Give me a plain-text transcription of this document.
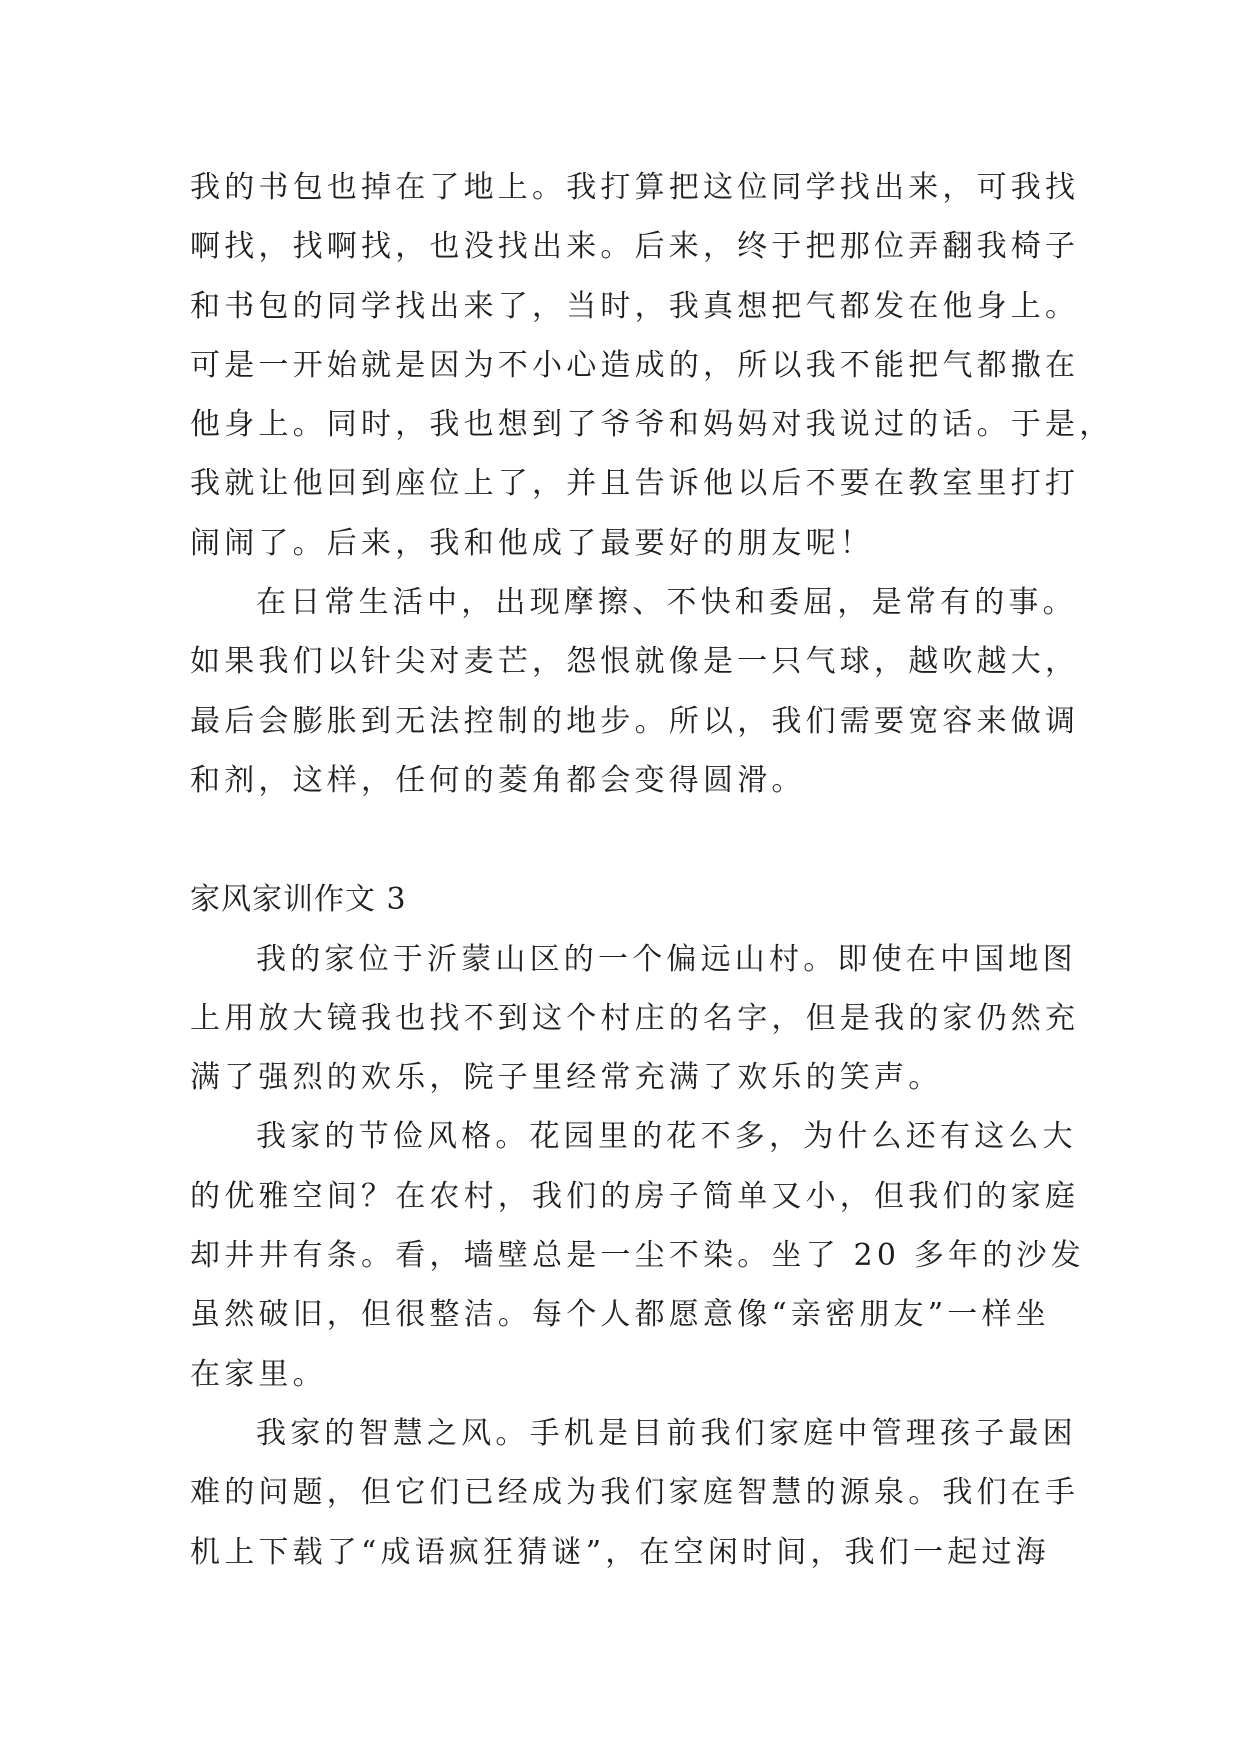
我的书包也掉在了地上。我打算把这位同学找出来，可我找

啊找，找啊找，也没找出来。后来，终于把那位弄翻我椅子

和书包的同学找出来了，当时，我真想把气都发在他身上。

可是一开始就是因为不小心造成的，所以我不能把气都撒在

他身上。同时，我也想到了爷爷和妈妈对我说过的话。于是，

我就让他回到座位上了，并且告诉他以后不要在教室里打打

闹闹了。后来，我和他成了最要好的朋友呢！

在日常生活中，出现摩擦、不快和委屈，是常有的事。

如果我们以针尖对麦芒，怨恨就像是一只气球，越吹越大，

最后会膨胀到无法控制的地步。所以，我们需要宽容来做调

和剂，这样，任何的菱角都会变得圆滑。

家风家训作文 3

我的家位于沂蒙山区的一个偏远山村。即使在中国地图

上用放大镜我也找不到这个村庄的名字，但是我的家仍然充

满了强烈的欢乐，院子里经常充满了欢乐的笑声。

我家的节俭风格。花园里的花不多，为什么还有这么大

的优雅空间？在农村，我们的房子简单又小，但我们的家庭

却井井有条。看，墙壁总是一尘不染。坐了 20 多年的沙发

虽然破旧，但很整洁。每个人都愿意像“亲密朋友”一样坐

在家里。

我家的智慧之风。手机是目前我们家庭中管理孩子最困

难的问题，但它们已经成为我们家庭智慧的源泉。我们在手

机上下载了“成语疯狂猜谜”，在空闲时间，我们一起过海
